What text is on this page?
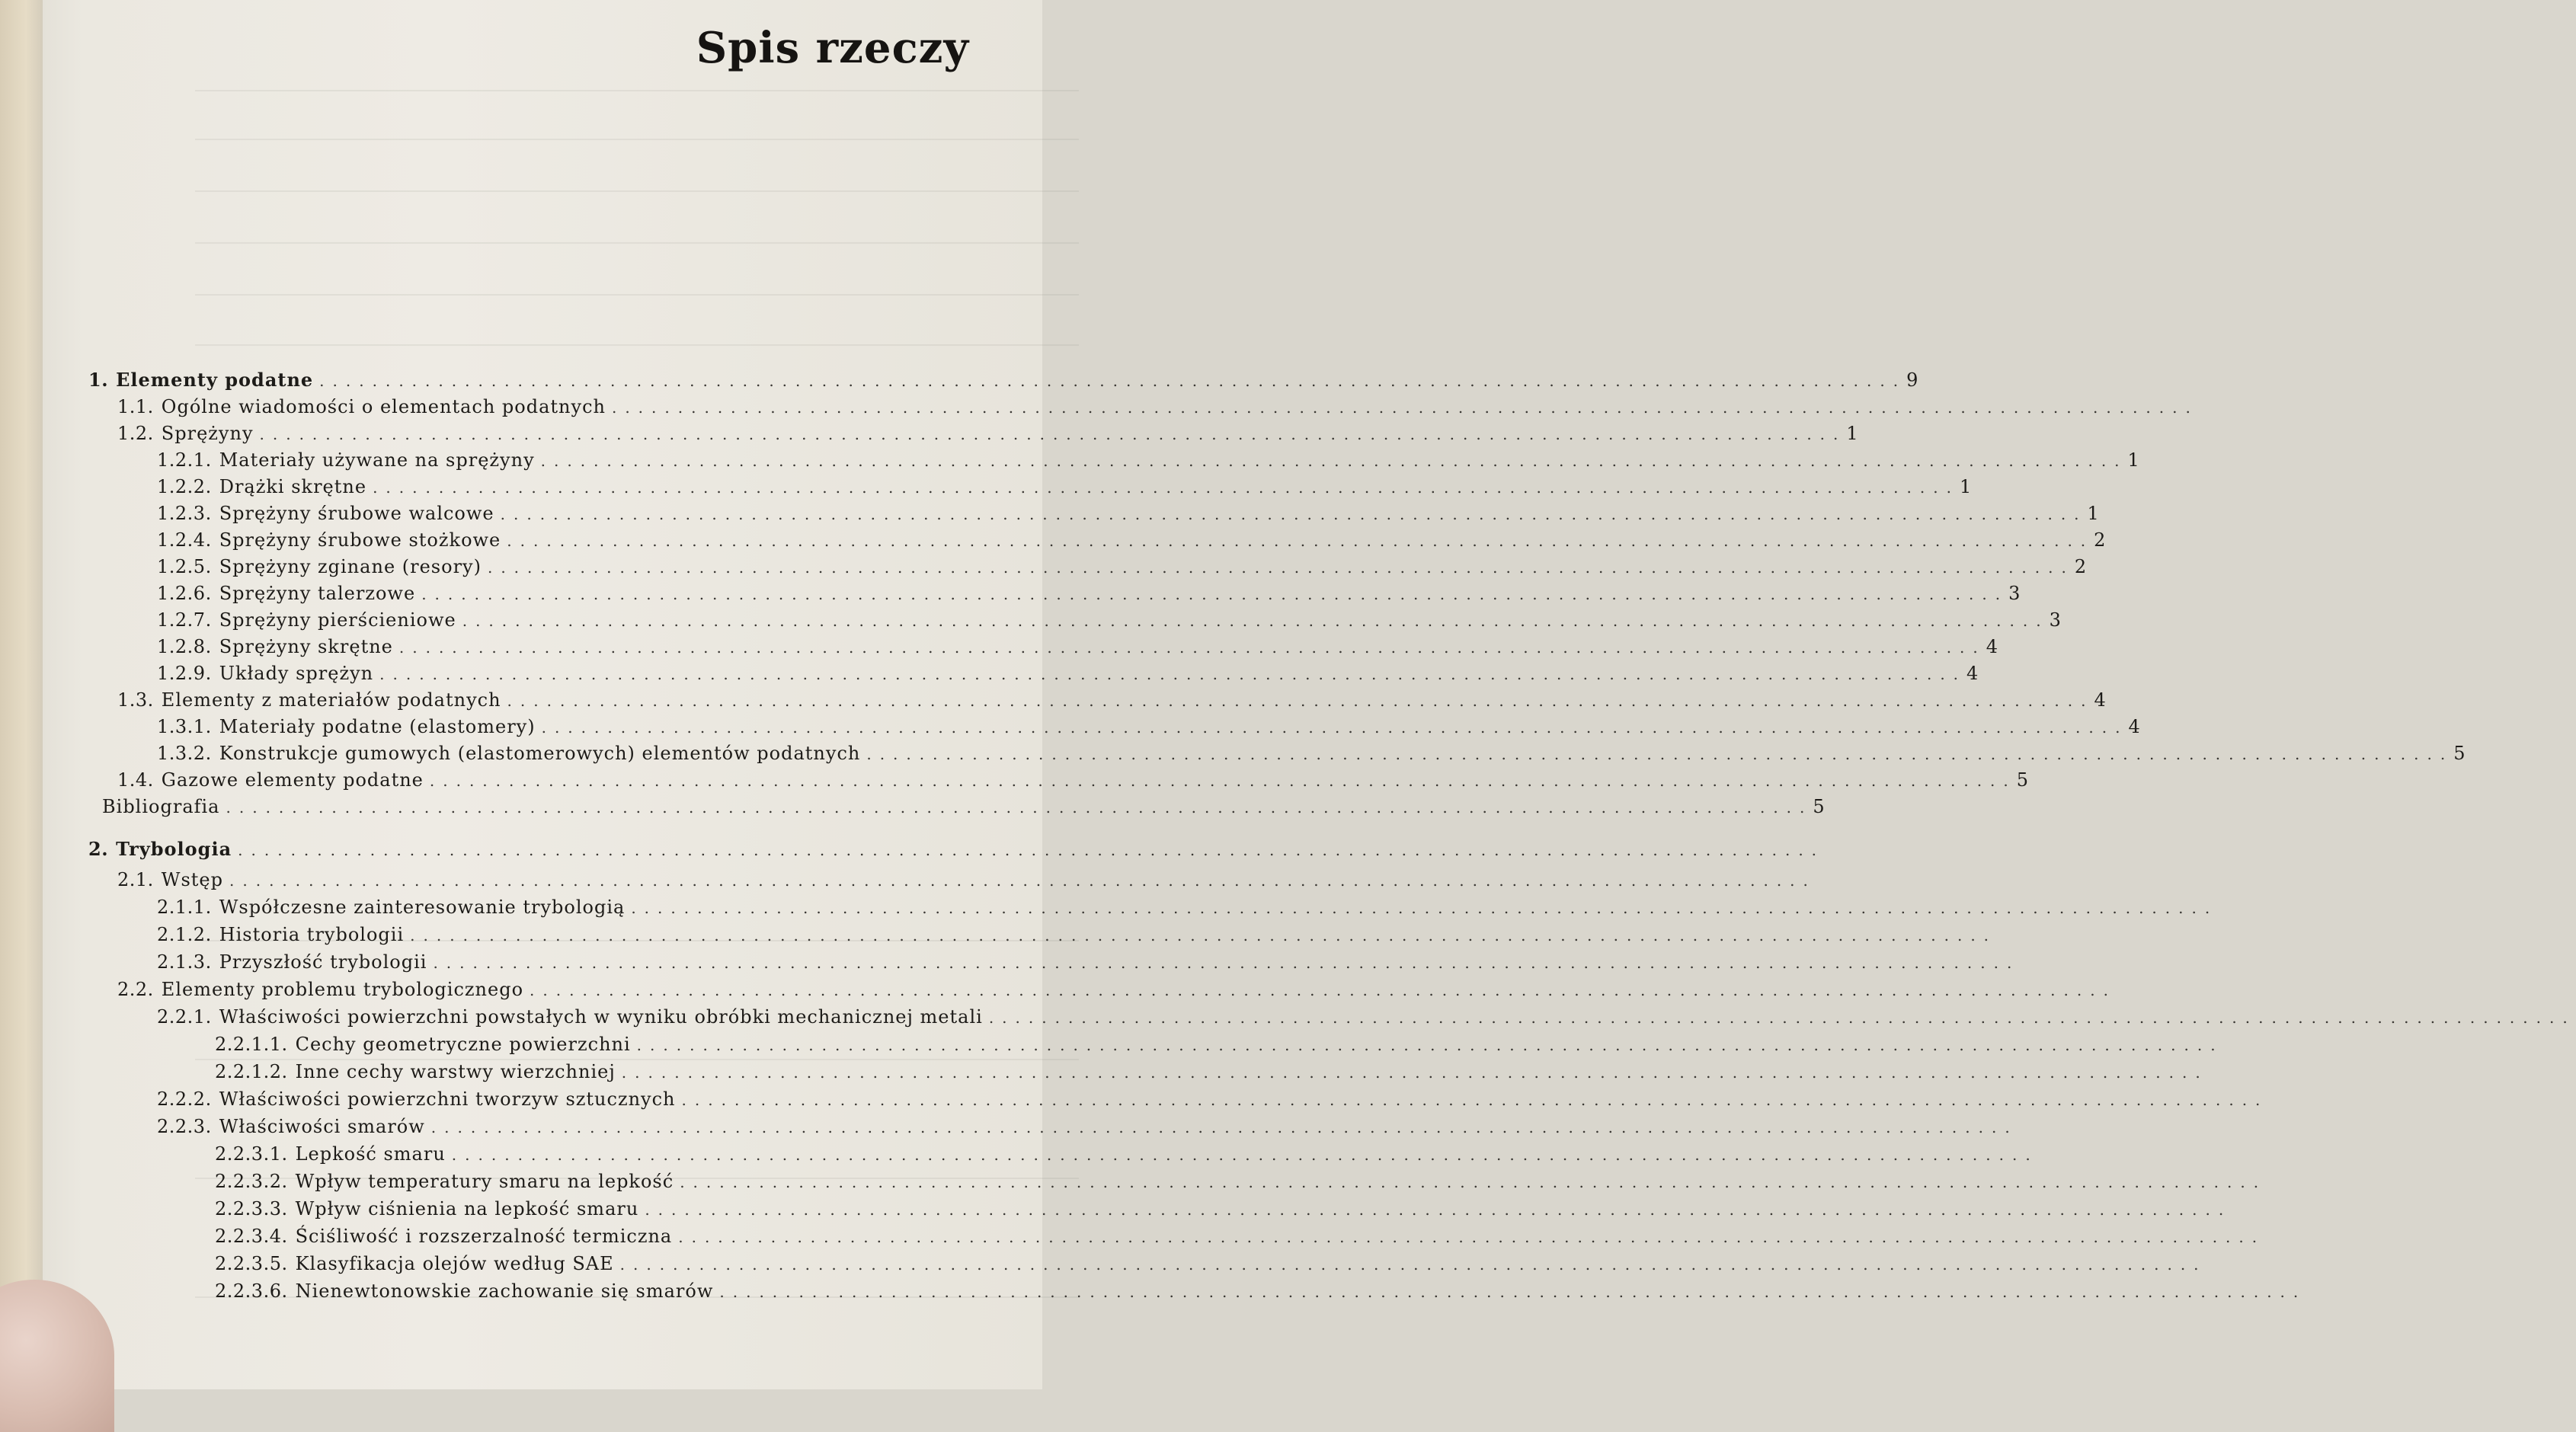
Spis rzeczy
1. Elementy podatne ........................................................................................................................ 9
1.1. Ogólne wiadomości o elementach podatnych ........................................................................................................................
1.2. Sprężyny ........................................................................................................................ 1
1.2.1. Materiały używane na sprężyny ........................................................................................................................ 1
1.2.2. Drążki skrętne ........................................................................................................................ 1
1.2.3. Sprężyny śrubowe walcowe ........................................................................................................................ 1
1.2.4. Sprężyny śrubowe stożkowe ........................................................................................................................ 2
1.2.5. Sprężyny zginane (resory) ........................................................................................................................ 2
1.2.6. Sprężyny talerzowe ........................................................................................................................ 3
1.2.7. Sprężyny pierścieniowe ........................................................................................................................ 3
1.2.8. Sprężyny skrętne ........................................................................................................................ 4
1.2.9. Układy sprężyn ........................................................................................................................ 4
1.3. Elementy z materiałów podatnych ........................................................................................................................ 4
1.3.1. Materiały podatne (elastomery) ........................................................................................................................ 4
1.3.2. Konstrukcje gumowych (elastomerowych) elementów podatnych ........................................................................................................................ 5
1.4. Gazowe elementy podatne ........................................................................................................................ 5
Bibliografia ........................................................................................................................ 5
2. Trybologia ........................................................................................................................
2.1. Wstęp ........................................................................................................................
2.1.1. Współczesne zainteresowanie trybologią ........................................................................................................................
2.1.2. Historia trybologii ........................................................................................................................
2.1.3. Przyszłość trybologii ........................................................................................................................
2.2. Elementy problemu trybologicznego ........................................................................................................................
2.2.1. Właściwości powierzchni powstałych w wyniku obróbki mechanicznej metali ........................................................................................................................
2.2.1.1. Cechy geometryczne powierzchni ........................................................................................................................
2.2.1.2. Inne cechy warstwy wierzchniej ........................................................................................................................
2.2.2. Właściwości powierzchni tworzyw sztucznych ........................................................................................................................
2.2.3. Właściwości smarów ........................................................................................................................
2.2.3.1. Lepkość smaru ........................................................................................................................
2.2.3.2. Wpływ temperatury smaru na lepkość ........................................................................................................................
2.2.3.3. Wpływ ciśnienia na lepkość smaru ........................................................................................................................
2.2.3.4. Ściśliwość i rozszerzalność termiczna ........................................................................................................................
2.2.3.5. Klasyfikacja olejów według SAE ........................................................................................................................
2.2.3.6. Nienewtonowskie zachowanie się smarów ........................................................................................................................
